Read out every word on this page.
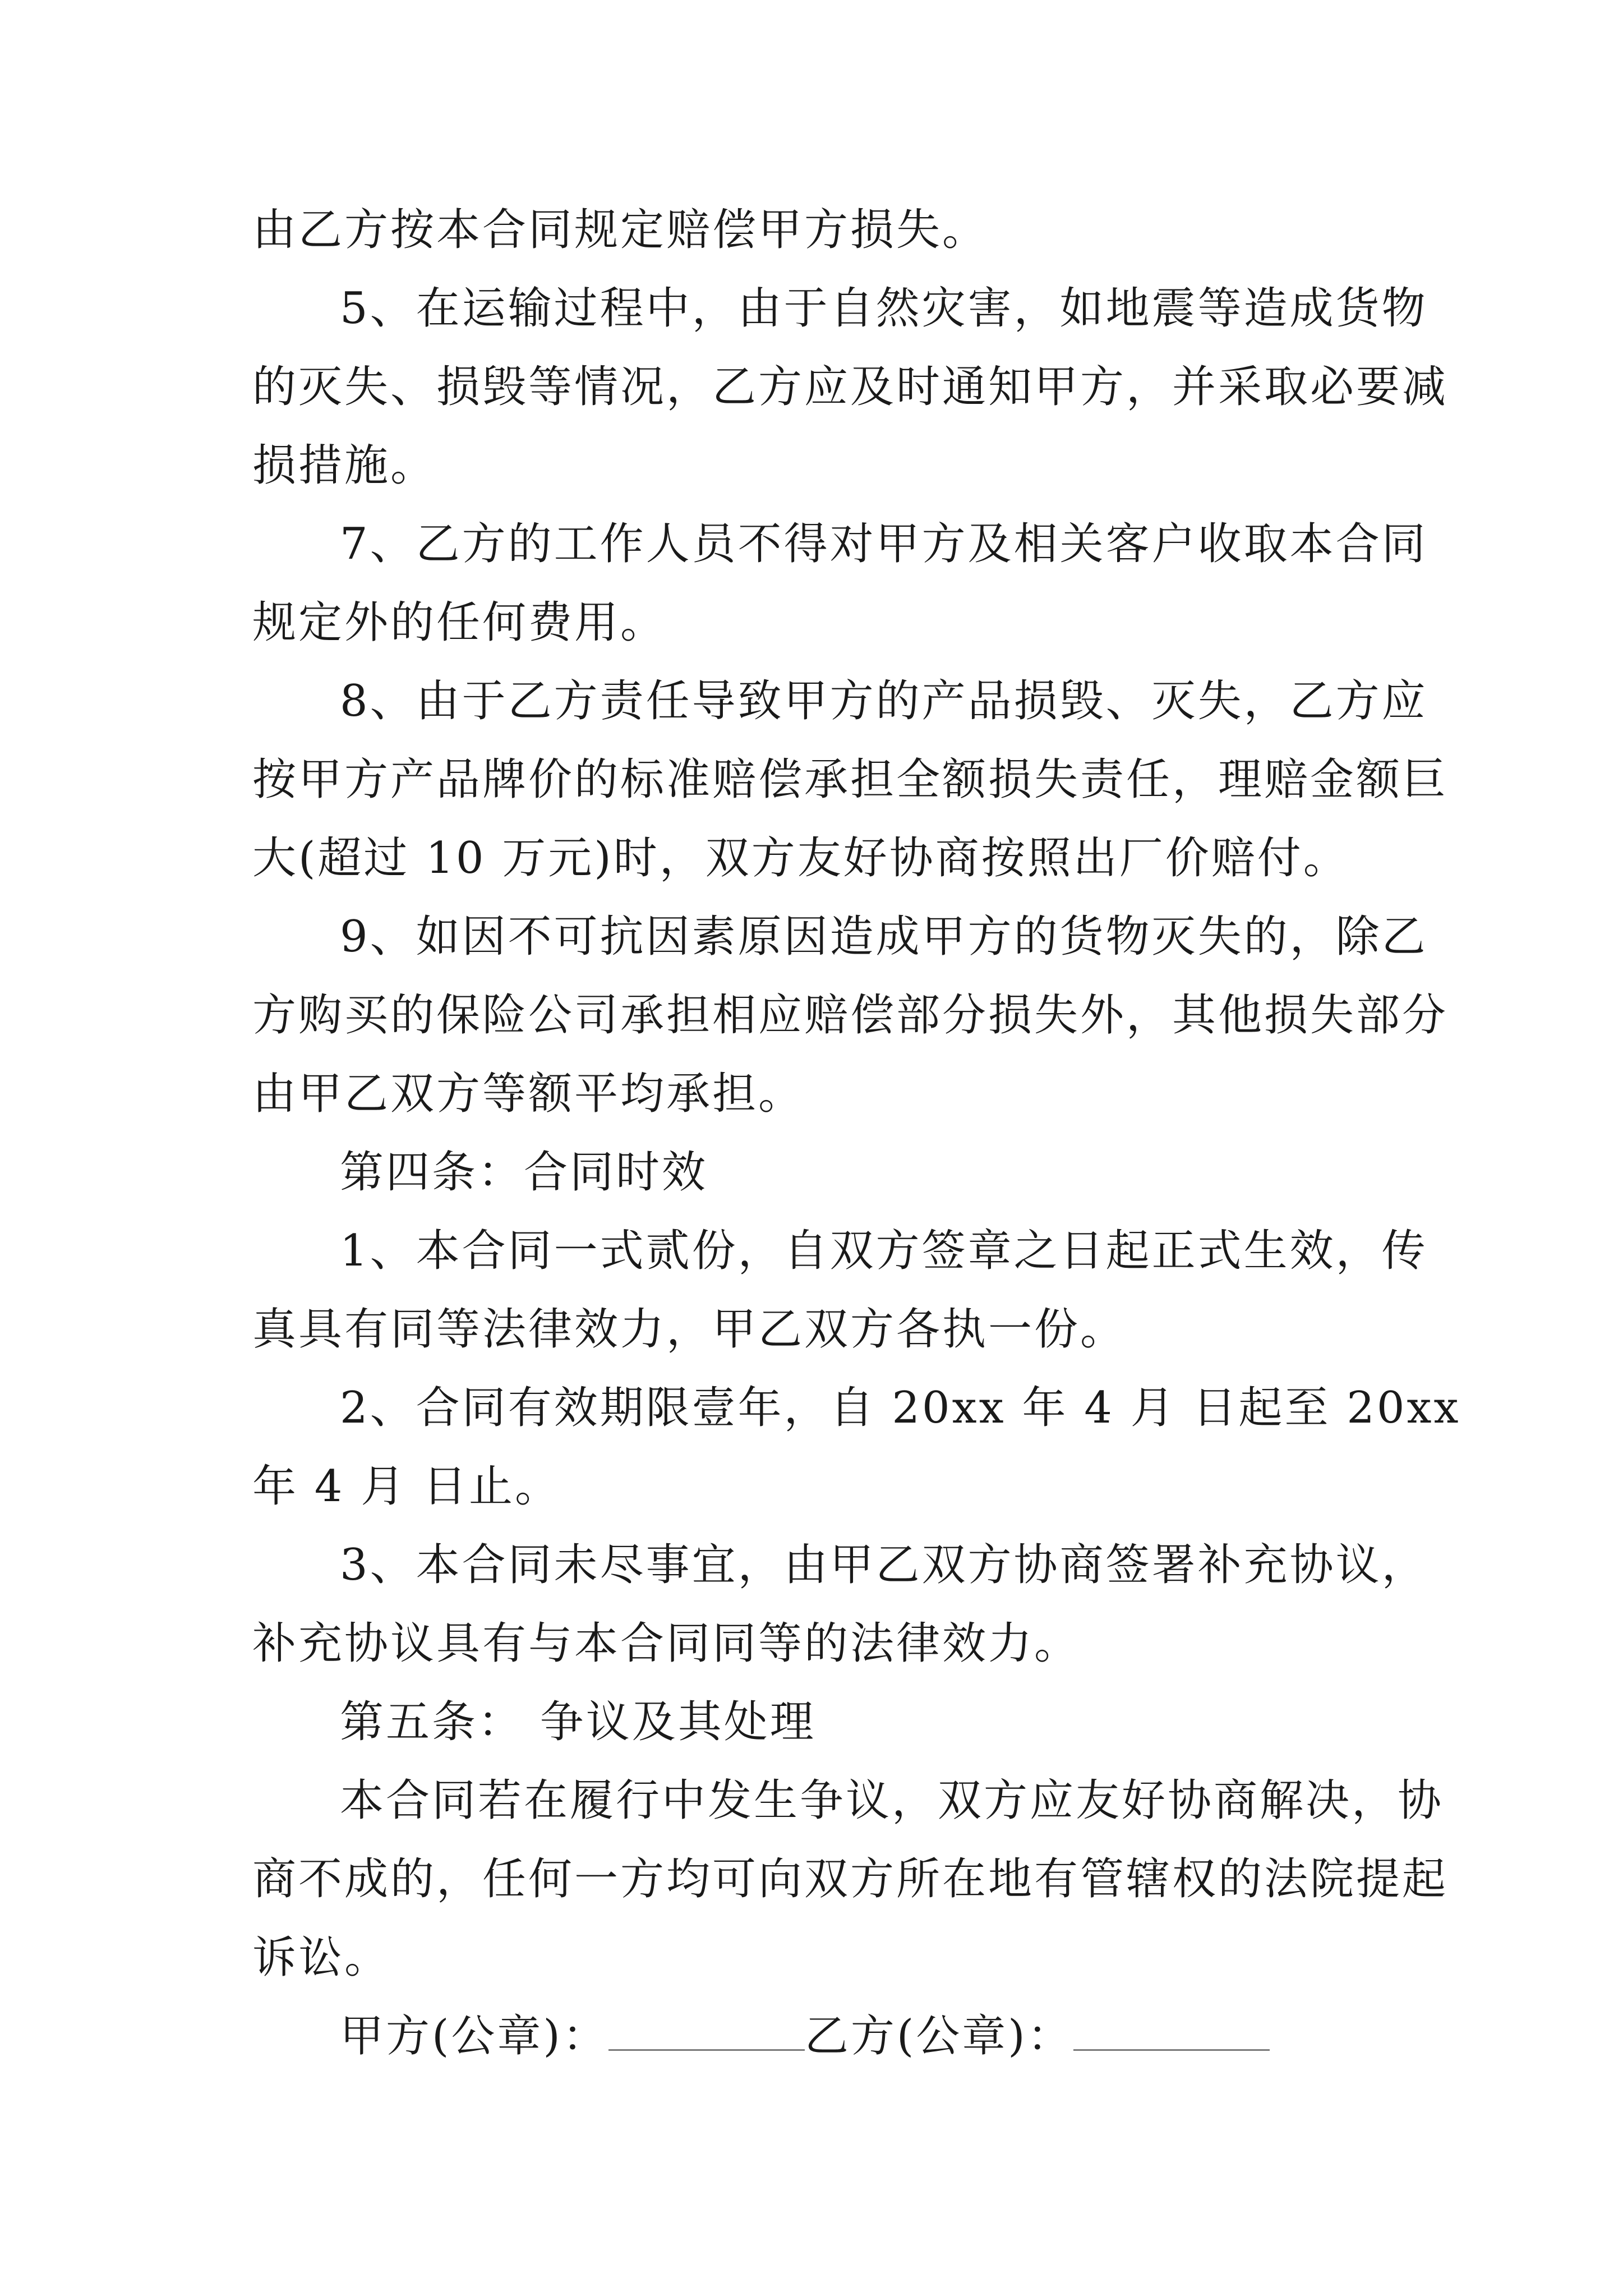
由乙方按本合同规定赔偿甲方损失。
5、在运输过程中，由于自然灾害，如地震等造成货物
的灭失、损毁等情况，乙方应及时通知甲方，并采取必要减
损措施。
7、乙方的工作人员不得对甲方及相关客户收取本合同
规定外的任何费用。
8、由于乙方责任导致甲方的产品损毁、灭失，乙方应
按甲方产品牌价的标准赔偿承担全额损失责任，理赔金额巨
大(超过 10 万元)时，双方友好协商按照出厂价赔付。
9、如因不可抗因素原因造成甲方的货物灭失的，除乙
方购买的保险公司承担相应赔偿部分损失外，其他损失部分
由甲乙双方等额平均承担。
第四条：合同时效
1、本合同一式贰份，自双方签章之日起正式生效，传
真具有同等法律效力，甲乙双方各执一份。
2、合同有效期限壹年，自 20xx 年 4 月 日起至 20xx
年 4 月 日止。
3、本合同未尽事宜，由甲乙双方协商签署补充协议，
补充协议具有与本合同同等的法律效力。
第五条： 争议及其处理
本合同若在履行中发生争议，双方应友好协商解决，协
商不成的，任何一方均可向双方所在地有管辖权的法院提起
诉讼。
甲方(公章)：	乙方(公章)：
